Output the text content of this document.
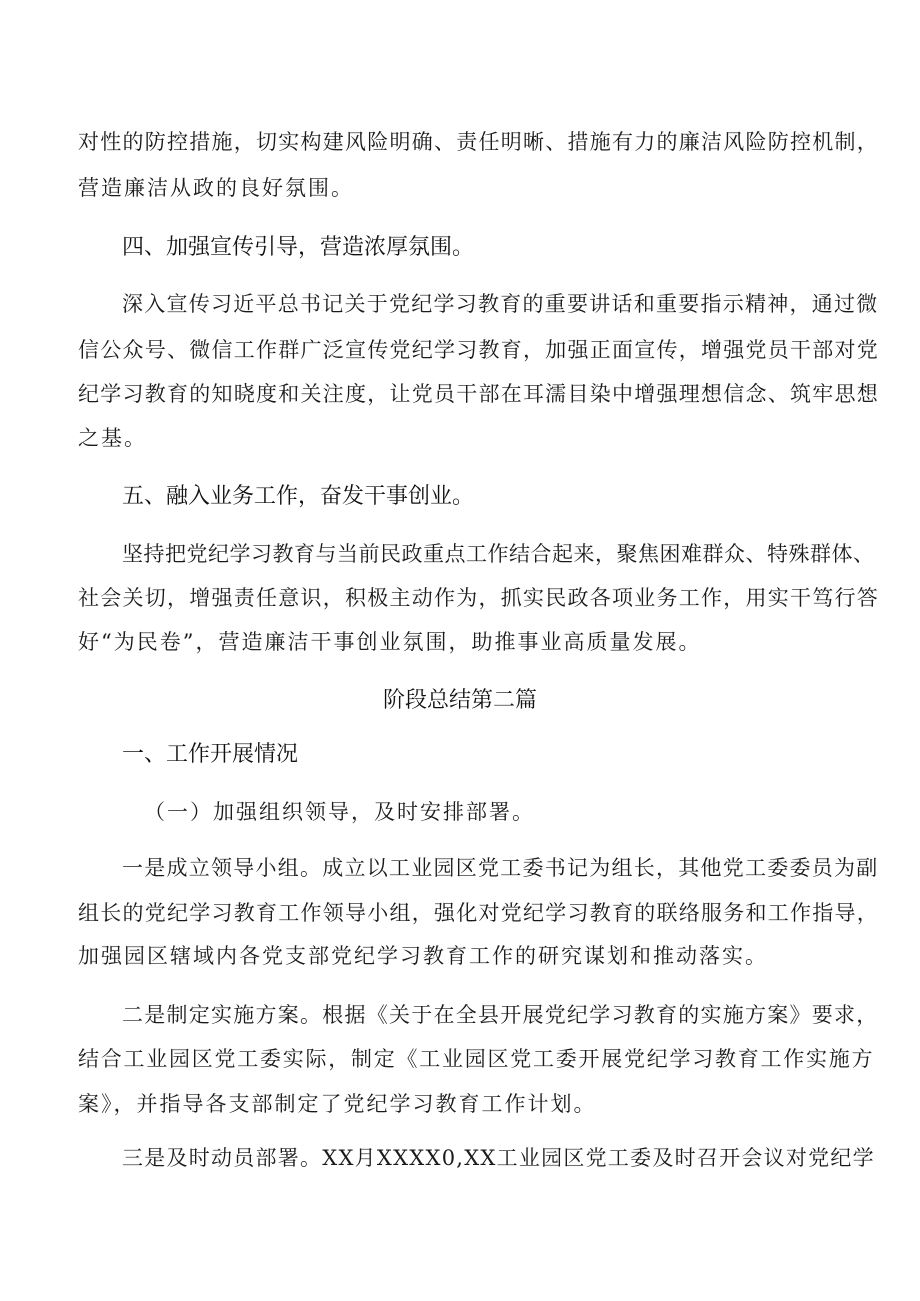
对性的防控措施，切实构建风险明确、责任明晰、措施有力的廉洁风险防控机制，
营造廉洁从政的良好氛围。
四、加强宣传引导，营造浓厚氛围。
深入宣传习近平总书记关于党纪学习教育的重要讲话和重要指示精神，通过微
信公众号、微信工作群广泛宣传党纪学习教育，加强正面宣传，增强党员干部对党
纪学习教育的知晓度和关注度，让党员干部在耳濡目染中增强理想信念、筑牢思想
之基。
五、融入业务工作，奋发干事创业。
坚持把党纪学习教育与当前民政重点工作结合起来，聚焦困难群众、特殊群体、
社会关切，增强责任意识，积极主动作为，抓实民政各项业务工作，用实干笃行答
好“为民卷”，营造廉洁干事创业氛围，助推事业高质量发展。
阶段总结第二篇
一、工作开展情况
（一）加强组织领导，及时安排部署。
一是成立领导小组。成立以工业园区党工委书记为组长，其他党工委委员为副
组长的党纪学习教育工作领导小组，强化对党纪学习教育的联络服务和工作指导，
加强园区辖域内各党支部党纪学习教育工作的研究谋划和推动落实。
二是制定实施方案。根据《关于在全县开展党纪学习教育的实施方案》要求，
结合工业园区党工委实际，制定《工业园区党工委开展党纪学习教育工作实施方
案》，并指导各支部制定了党纪学习教育工作计划。
三是及时动员部署。XX月XXXX0,XX工业园区党工委及时召开会议对党纪学
